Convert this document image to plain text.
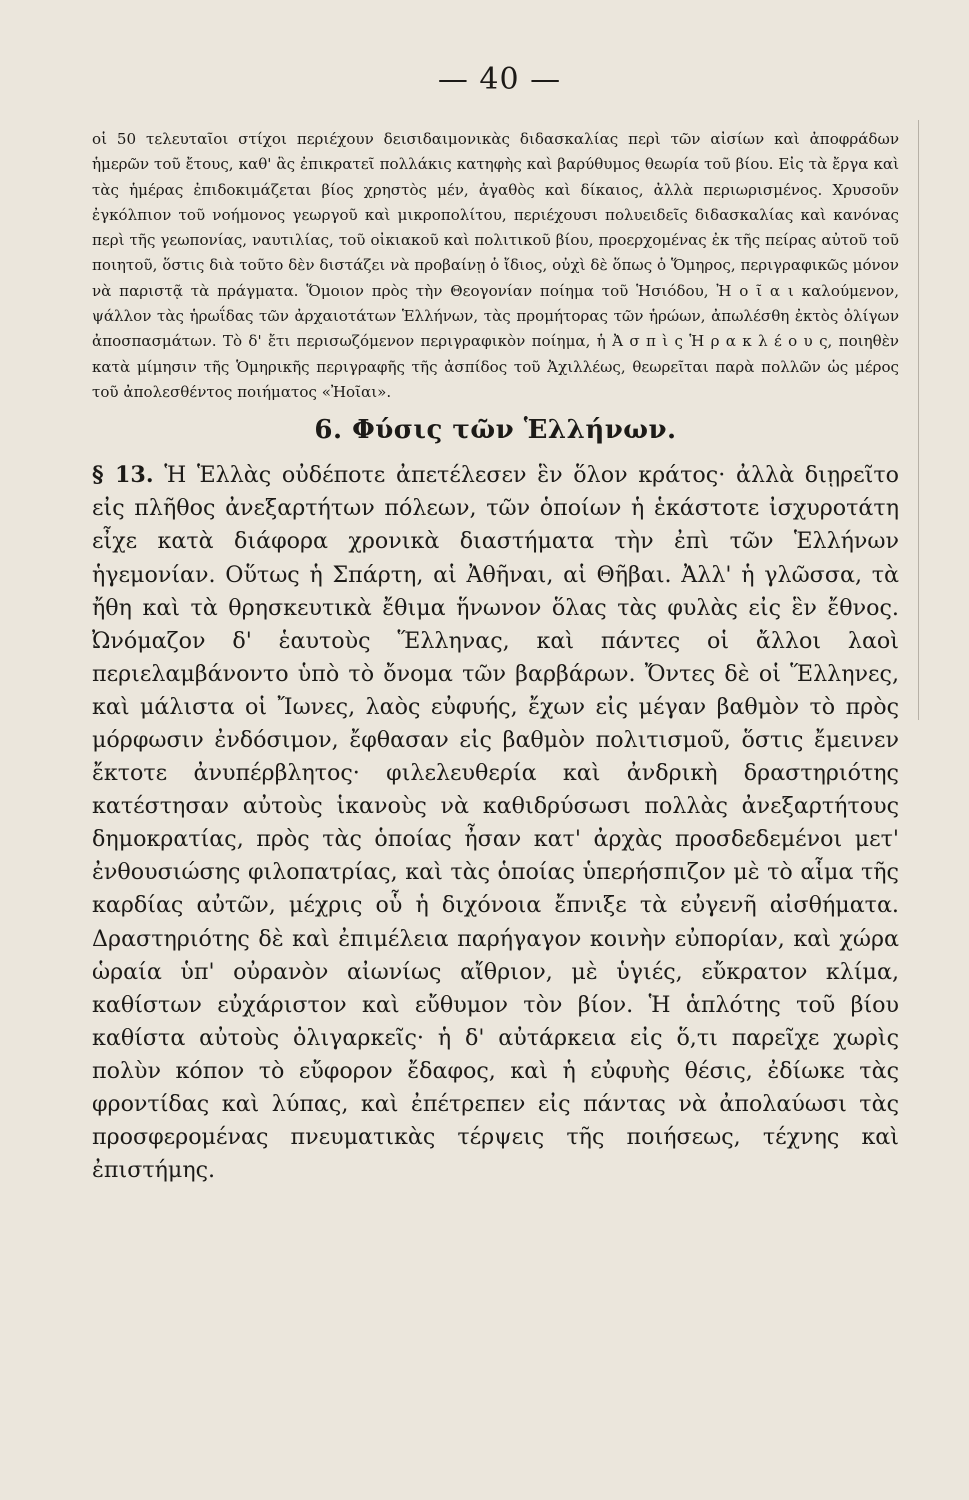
— 40 —

οἱ 50 τελευταῖοι στίχοι περιέχουν δεισιδαιμονικὰς διδασκαλίας περὶ τῶν αἰσίων καὶ ἀποφράδων ἡμερῶν τοῦ ἔτους, καθ' ἃς ἐπικρατεῖ πολλάκις κατηφὴς καὶ βαρύθυμος θεωρία τοῦ βίου. Εἰς τὰ ἔργα καὶ τὰς ἡμέρας ἐπιδοκιμάζεται βίος χρηστὸς μέν, ἀγαθὸς καὶ δίκαιος, ἀλλὰ περιωρισμένος. Χρυσοῦν ἐγκόλπιον τοῦ νοήμονος γεωργοῦ καὶ μικροπολίτου, περιέχουσι πολυειδεῖς διδασκαλίας καὶ κανόνας περὶ τῆς γεωπονίας, ναυτιλίας, τοῦ οἰκιακοῦ καὶ πολιτικοῦ βίου, προερχομένας ἐκ τῆς πείρας αὐτοῦ τοῦ ποιητοῦ, ὅστις διὰ τοῦτο δὲν διστάζει νὰ προβαίνῃ ὁ ἴδιος, οὐχὶ δὲ ὅπως ὁ Ὅμηρος, περιγραφικῶς μόνον νὰ παριστᾷ τὰ πράγματα. Ὅμοιον πρὸς τὴν Θεογονίαν ποίημα τοῦ Ἡσιόδου, Ἠ ο ῖ α ι καλούμενον, ψάλλον τὰς ἡρωΐδας τῶν ἀρχαιοτάτων Ἑλλήνων, τὰς προμήτορας τῶν ἡρώων, ἀπωλέσθη ἐκτὸς ὀλίγων ἀποσπασμάτων. Τὸ δ' ἔτι περισωζόμενον περιγραφικὸν ποίημα, ἡ Ἀ σ π ὶ ς Ἡ ρ α κ λ έ ο υ ς, ποιηθὲν κατὰ μίμησιν τῆς Ὁμηρικῆς περιγραφῆς τῆς ἀσπίδος τοῦ Ἀχιλλέως, θεωρεῖται παρὰ πολλῶν ὡς μέρος τοῦ ἀπολεσθέντος ποιήματος «Ἠοῖαι».

6. Φύσις τῶν Ἑλλήνων.

§ 13. Ἡ Ἑλλὰς οὐδέποτε ἀπετέλεσεν ἓν ὅλον κράτος· ἀλλὰ διῃρεῖτο εἰς πλῆθος ἀνεξαρτήτων πόλεων, τῶν ὁποίων ἡ ἑκάστοτε ἰσχυροτάτη εἶχε κατὰ διάφορα χρονικὰ διαστήματα τὴν ἐπὶ τῶν Ἑλλήνων ἡγεμονίαν. Οὕτως ἡ Σπάρτη, αἱ Ἀθῆναι, αἱ Θῆβαι. Ἀλλ' ἡ γλῶσσα, τὰ ἤθη καὶ τὰ θρησκευτικὰ ἔθιμα ἥνωνον ὅλας τὰς φυλὰς εἰς ἓν ἔθνος. Ὠνόμαζον δ' ἑαυτοὺς Ἕλληνας, καὶ πάντες οἱ ἄλλοι λαοὶ περιελαμβάνοντο ὑπὸ τὸ ὄνομα τῶν βαρβάρων. Ὄντες δὲ οἱ Ἕλληνες, καὶ μάλιστα οἱ Ἴωνες, λαὸς εὐφυής, ἔχων εἰς μέγαν βαθμὸν τὸ πρὸς μόρφωσιν ἐνδόσιμον, ἔφθασαν εἰς βαθμὸν πολιτισμοῦ, ὅστις ἔμεινεν ἔκτοτε ἀνυπέρβλητος· φιλελευθερία καὶ ἀνδρικὴ δραστηριότης κατέστησαν αὐτοὺς ἱκανοὺς νὰ καθιδρύσωσι πολλὰς ἀνεξαρτήτους δημοκρατίας, πρὸς τὰς ὁποίας ἦσαν κατ' ἀρχὰς προσδεδεμένοι μετ' ἐνθουσιώσης φιλοπατρίας, καὶ τὰς ὁποίας ὑπερήσπιζον μὲ τὸ αἷμα τῆς καρδίας αὐτῶν, μέχρις οὗ ἡ διχόνοια ἔπνιξε τὰ εὐγενῆ αἰσθήματα. Δραστηριότης δὲ καὶ ἐπιμέλεια παρήγαγον κοινὴν εὐπορίαν, καὶ χώρα ὡραία ὑπ' οὐρανὸν αἰωνίως αἴθριον, μὲ ὑγιές, εὔκρατον κλίμα, καθίστων εὐχάριστον καὶ εὔθυμον τὸν βίον. Ἡ ἁπλότης τοῦ βίου καθίστα αὐτοὺς ὀλιγαρκεῖς· ἡ δ' αὐτάρκεια εἰς ὅ,τι παρεῖχε χωρὶς πολὺν κόπον τὸ εὔφορον ἔδαφος, καὶ ἡ εὐφυὴς θέσις, ἐδίωκε τὰς φροντίδας καὶ λύπας, καὶ ἐπέτρεπεν εἰς πάντας νὰ ἀπολαύωσι τὰς προσφερομένας πνευματικὰς τέρψεις τῆς ποιήσεως, τέχνης καὶ ἐπιστήμης.
